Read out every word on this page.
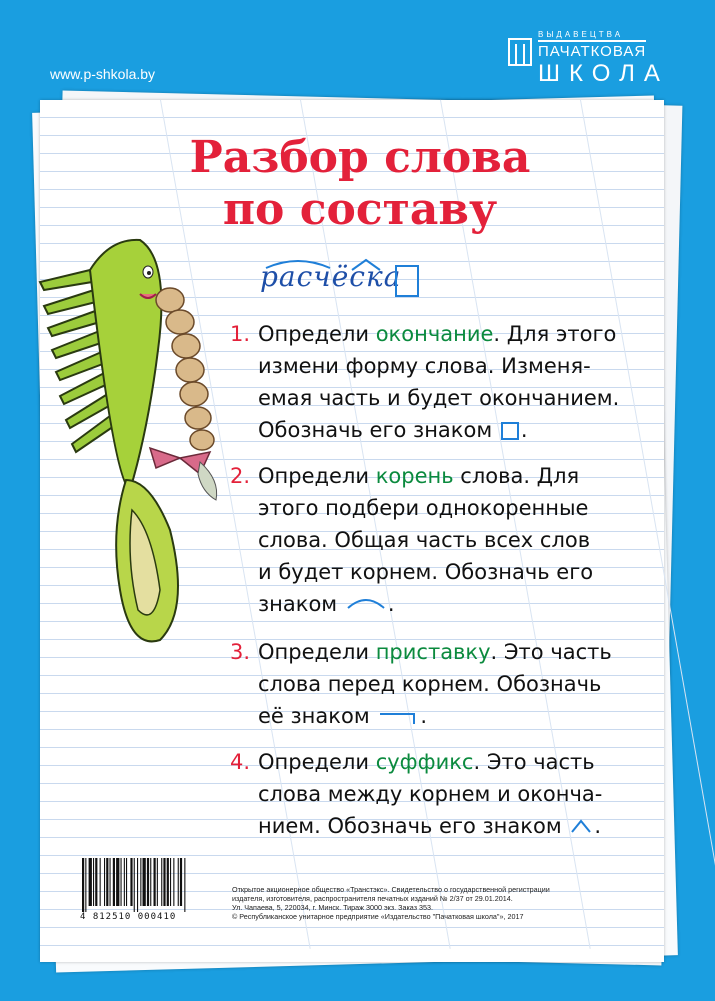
www.p-shkola.by
ВЫДАВЕЦТВА
ПАЧАТКОВАЯ
ШКОЛА
Разбор слова
по составу
расчёска
1. Определи окончание. Для этого
измени форму слова. Изменя-
емая часть и будет окончанием.
Обозначь его знаком .
2. Определи корень слова. Для
этого подбери однокоренные
слова. Общая часть всех слов
и будет корнем. Обозначь его
знаком .
3. Определи приставку. Это часть
слова перед корнем. Обозначь
её знаком .
4. Определи суффикс. Это часть
слова между корнем и оконча-
нием. Обозначь его знаком .
4 812510 000410
Открытое акционерное общество «Транстэкс». Свидетельство о государственной регистрации
издателя, изготовителя, распространителя печатных изданий № 2/37 от 29.01.2014.
Ул. Чапаева, 5, 220034, г. Минск. Тираж 3000 экз. Заказ 353.
© Республиканское унитарное предприятие «Издательство "Пачатковая школа"», 2017
